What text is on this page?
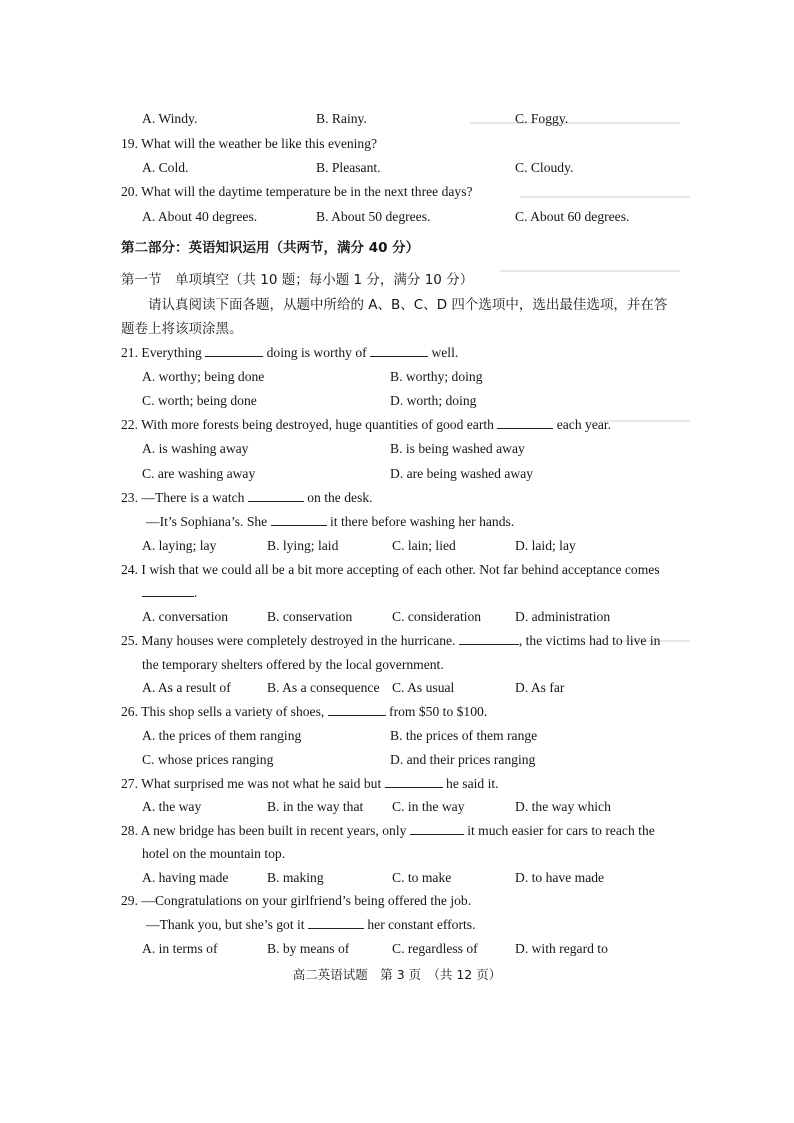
A. Windy.	B. Rainy.	C. Foggy.
19. What will the weather be like this evening?
A. Cold.	B. Pleasant.	C. Cloudy.
20. What will the daytime temperature be in the next three days?
A. About 40 degrees.	B. About 50 degrees.	C. About 60 degrees.
第二部分：英语知识运用（共两节，满分 40 分）
第一节　单项填空（共 10 题；每小题 1 分，满分 10 分）
请认真阅读下面各题，从题中所给的 A、B、C、D 四个选项中，选出最佳选项，并在答
题卷上将该项涂黑。
21. Everything	doing is worthy of	well.
A. worthy; being done	B. worthy; doing
C. worth; being done	D. worth; doing
22. With more forests being destroyed, huge quantities of good earth	each year.
A. is washing away	B. is being washed away
C. are washing away	D. are being washed away
23. —There is a watch	on the desk.
—It’s Sophiana’s. She	it there before washing her hands.
A. laying; lay	B. lying; laid	C. lain; lied	D. laid; lay
24. I wish that we could all be a bit more accepting of each other. Not far behind acceptance comes
.
A. conversation	B. conservation	C. consideration D. administration
25. Many houses were completely destroyed in the hurricane.	, the victims had to live in
the temporary shelters offered by the local government.
A. As a result of	B. As a consequence C. As usual	D. As far
26. This shop sells a variety of shoes,	from $50 to $100.
A. the prices of them ranging	B. the prices of them range
C. whose prices ranging	D. and their prices ranging
27. What surprised me was not what he said but	he said it.
A. the way	B. in the way that C. in the way	D. the way which
28. A new bridge has been built in recent years, only	it much easier for cars to reach the
hotel on the mountain top.
A. having made	B. making	C. to make	D. to have made
29. —Congratulations on your girlfriend’s being offered the job.
—Thank you, but she’s got it	her constant efforts.
A. in terms of	B. by means of	C. regardless of	D. with regard to
高二英语试题　第 3 页　（共 12 页）
